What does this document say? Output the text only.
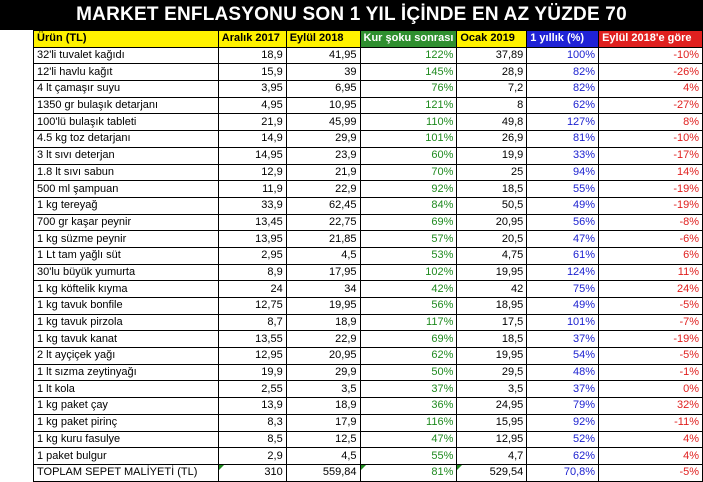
MARKET ENFLASYONU SON 1 YIL İÇİNDE EN AZ YÜZDE 70
Ürün (TL)	Aralık 2017	Eylül 2018	Kur şoku sonrası	Ocak 2019	1 yıllık (%)	Eylül 2018'e göre
32'li tuvalet kağıdı	18,9	41,95	122%	37,89	100%	-10%
12'li havlu kağıt	15,9	39	145%	28,9	82%	-26%
4 lt çamaşır suyu	3,95	6,95	76%	7,2	82%	4%
1350 gr bulaşık detarjanı	4,95	10,95	121%	8	62%	-27%
100'lü bulaşık tableti	21,9	45,99	110%	49,8	127%	8%
4.5 kg toz detarjanı	14,9	29,9	101%	26,9	81%	-10%
3 lt sıvı deterjan	14,95	23,9	60%	19,9	33%	-17%
1.8 lt sıvı sabun	12,9	21,9	70%	25	94%	14%
500 ml şampuan	11,9	22,9	92%	18,5	55%	-19%
1 kg tereyağ	33,9	62,45	84%	50,5	49%	-19%
700 gr kaşar peynir	13,45	22,75	69%	20,95	56%	-8%
1 kg süzme peynir	13,95	21,85	57%	20,5	47%	-6%
1 Lt tam yağlı süt	2,95	4,5	53%	4,75	61%	6%
30'lu büyük yumurta	8,9	17,95	102%	19,95	124%	11%
1 kg köftelik kıyma	24	34	42%	42	75%	24%
1 kg tavuk bonfile	12,75	19,95	56%	18,95	49%	-5%
1 kg tavuk pirzola	8,7	18,9	117%	17,5	101%	-7%
1 kg tavuk kanat	13,55	22,9	69%	18,5	37%	-19%
2 lt ayçiçek yağı	12,95	20,95	62%	19,95	54%	-5%
1 lt sızma zeytinyağı	19,9	29,9	50%	29,5	48%	-1%
1 lt kola	2,55	3,5	37%	3,5	37%	0%
1 kg paket çay	13,9	18,9	36%	24,95	79%	32%
1 kg paket pirinç	8,3	17,9	116%	15,95	92%	-11%
1 kg kuru fasulye	8,5	12,5	47%	12,95	52%	4%
1 paket bulgur	2,9	4,5	55%	4,7	62%	4%
TOPLAM SEPET MALİYETİ (TL)	310	559,84	81%	529,54	70,8%	-5%
